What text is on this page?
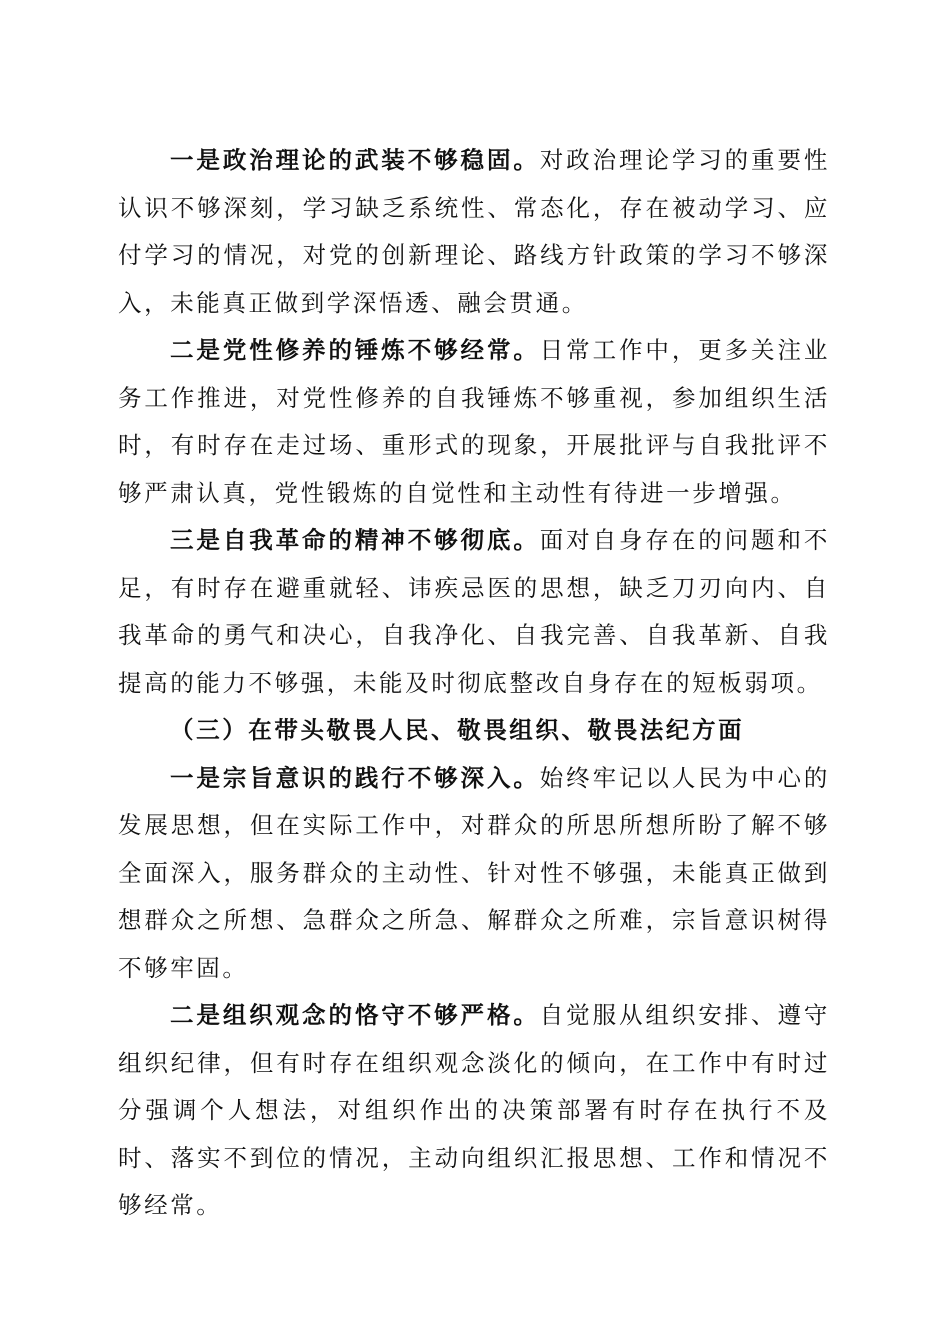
一是政治理论的武装不够稳固。对政治理论学习的重要性认识不够深刻，学习缺乏系统性、常态化，存在被动学习、应付学习的情况，对党的创新理论、路线方针政策的学习不够深入，未能真正做到学深悟透、融会贯通。

二是党性修养的锤炼不够经常。日常工作中，更多关注业务工作推进，对党性修养的自我锤炼不够重视，参加组织生活时，有时存在走过场、重形式的现象，开展批评与自我批评不够严肃认真，党性锻炼的自觉性和主动性有待进一步增强。

三是自我革命的精神不够彻底。面对自身存在的问题和不足，有时存在避重就轻、讳疾忌医的思想，缺乏刀刃向内、自我革命的勇气和决心，自我净化、自我完善、自我革新、自我提高的能力不够强，未能及时彻底整改自身存在的短板弱项。

（三）在带头敬畏人民、敬畏组织、敬畏法纪方面

一是宗旨意识的践行不够深入。始终牢记以人民为中心的发展思想，但在实际工作中，对群众的所思所想所盼了解不够全面深入，服务群众的主动性、针对性不够强，未能真正做到想群众之所想、急群众之所急、解群众之所难，宗旨意识树得不够牢固。

二是组织观念的恪守不够严格。自觉服从组织安排、遵守组织纪律，但有时存在组织观念淡化的倾向，在工作中有时过分强调个人想法，对组织作出的决策部署有时存在执行不及时、落实不到位的情况，主动向组织汇报思想、工作和情况不够经常。
